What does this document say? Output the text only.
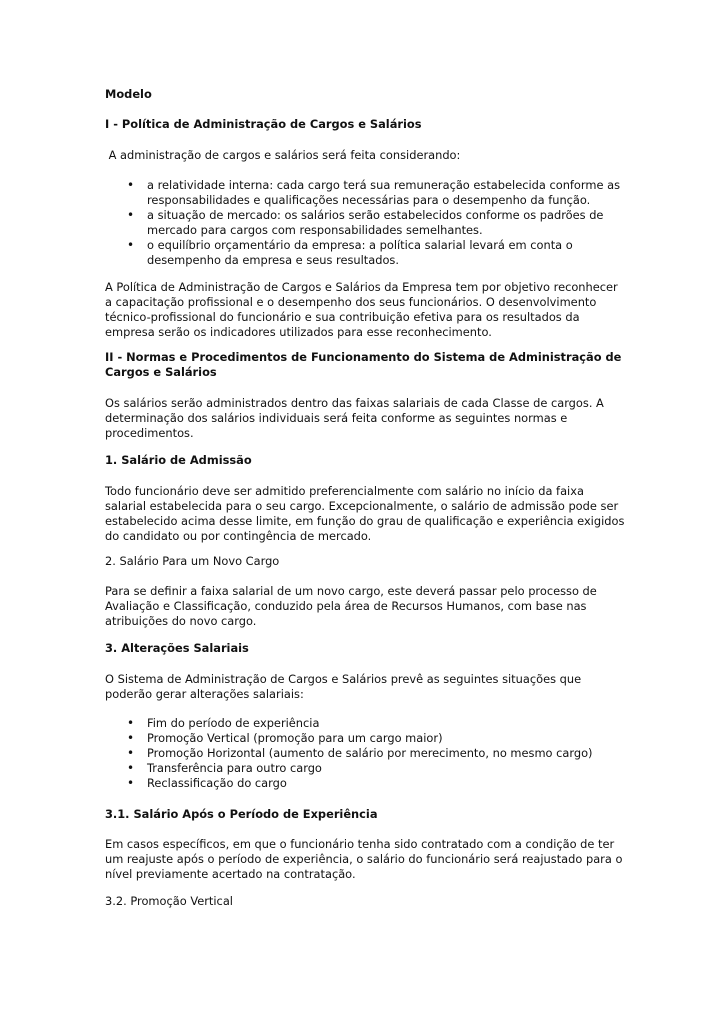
Modelo

I - Política de Administração de Cargos e Salários

A administração de cargos e salários será feita considerando:

• a relatividade interna: cada cargo terá sua remuneração estabelecida conforme as responsabilidades e qualificações necessárias para o desempenho da função.
• a situação de mercado: os salários serão estabelecidos conforme os padrões de mercado para cargos com responsabilidades semelhantes.
• o equilíbrio orçamentário da empresa: a política salarial levará em conta o desempenho da empresa e seus resultados.

A Política de Administração de Cargos e Salários da Empresa tem por objetivo reconhecer a capacitação profissional e o desempenho dos seus funcionários. O desenvolvimento técnico-profissional do funcionário e sua contribuição efetiva para os resultados da empresa serão os indicadores utilizados para esse reconhecimento.

II - Normas e Procedimentos de Funcionamento do Sistema de Administração de Cargos e Salários

Os salários serão administrados dentro das faixas salariais de cada Classe de cargos. A determinação dos salários individuais será feita conforme as seguintes normas e procedimentos.

1. Salário de Admissão

Todo funcionário deve ser admitido preferencialmente com salário no início da faixa salarial estabelecida para o seu cargo. Excepcionalmente, o salário de admissão pode ser estabelecido acima desse limite, em função do grau de qualificação e experiência exigidos do candidato ou por contingência de mercado.

2. Salário Para um Novo Cargo

Para se definir a faixa salarial de um novo cargo, este deverá passar pelo processo de Avaliação e Classificação, conduzido pela área de Recursos Humanos, com base nas atribuições do novo cargo.

3. Alterações Salariais

O Sistema de Administração de Cargos e Salários prevê as seguintes situações que poderão gerar alterações salariais:

• Fim do período de experiência
• Promoção Vertical (promoção para um cargo maior)
• Promoção Horizontal (aumento de salário por merecimento, no mesmo cargo)
• Transferência para outro cargo
• Reclassificação do cargo

3.1. Salário Após o Período de Experiência

Em casos específicos, em que o funcionário tenha sido contratado com a condição de ter um reajuste após o período de experiência, o salário do funcionário será reajustado para o nível previamente acertado na contratação.

3.2. Promoção Vertical
